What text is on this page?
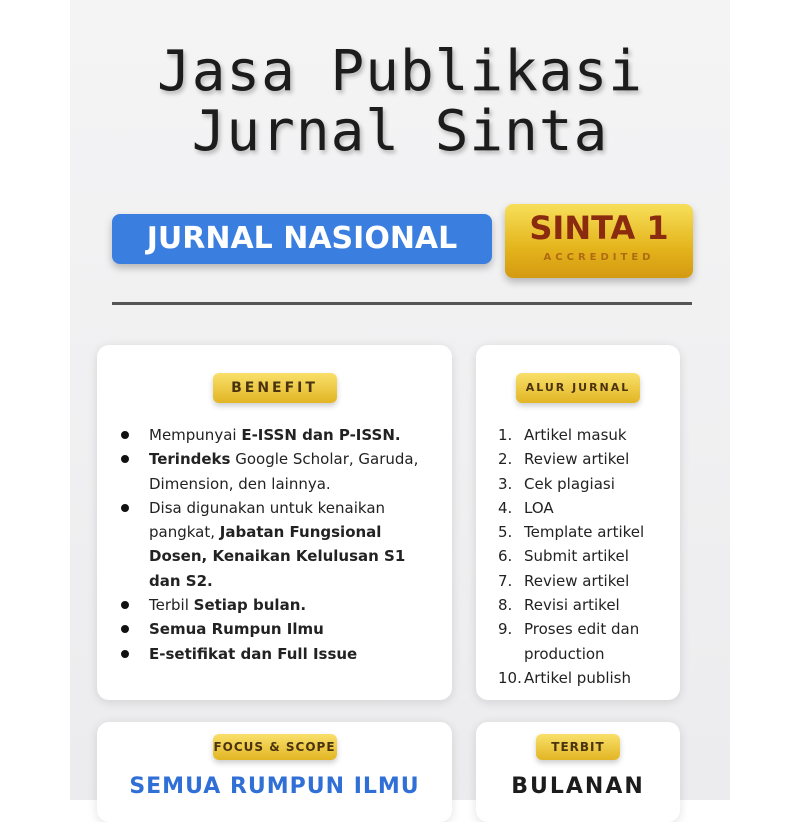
Jasa Publikasi
Jurnal Sinta
JURNAL NASIONAL	SINTA 1
ACCREDITED
BENEFIT
Mempunyai E-ISSN dan P-ISSN.
Terindeks Google Scholar, Garuda, Dimension, den lainnya.
Disa digunakan untuk kenaikan pangkat, Jabatan Fungsional Dosen, Kenaikan Kelulusan S1 dan S2.
Terbil Setiap bulan.
Semua Rumpun Ilmu
E-setifikat dan Full Issue
ALUR JURNAL
1. Artikel masuk
2. Review artikel
3. Cek plagiasi
4. LOA
5. Template artikel
6. Submit artikel
7. Review artikel
8. Revisi artikel
9. Proses edit dan production
10. Artikel publish
FOCUS & SCOPE
SEMUA RUMPUN ILMU
TERBIT
BULANAN
